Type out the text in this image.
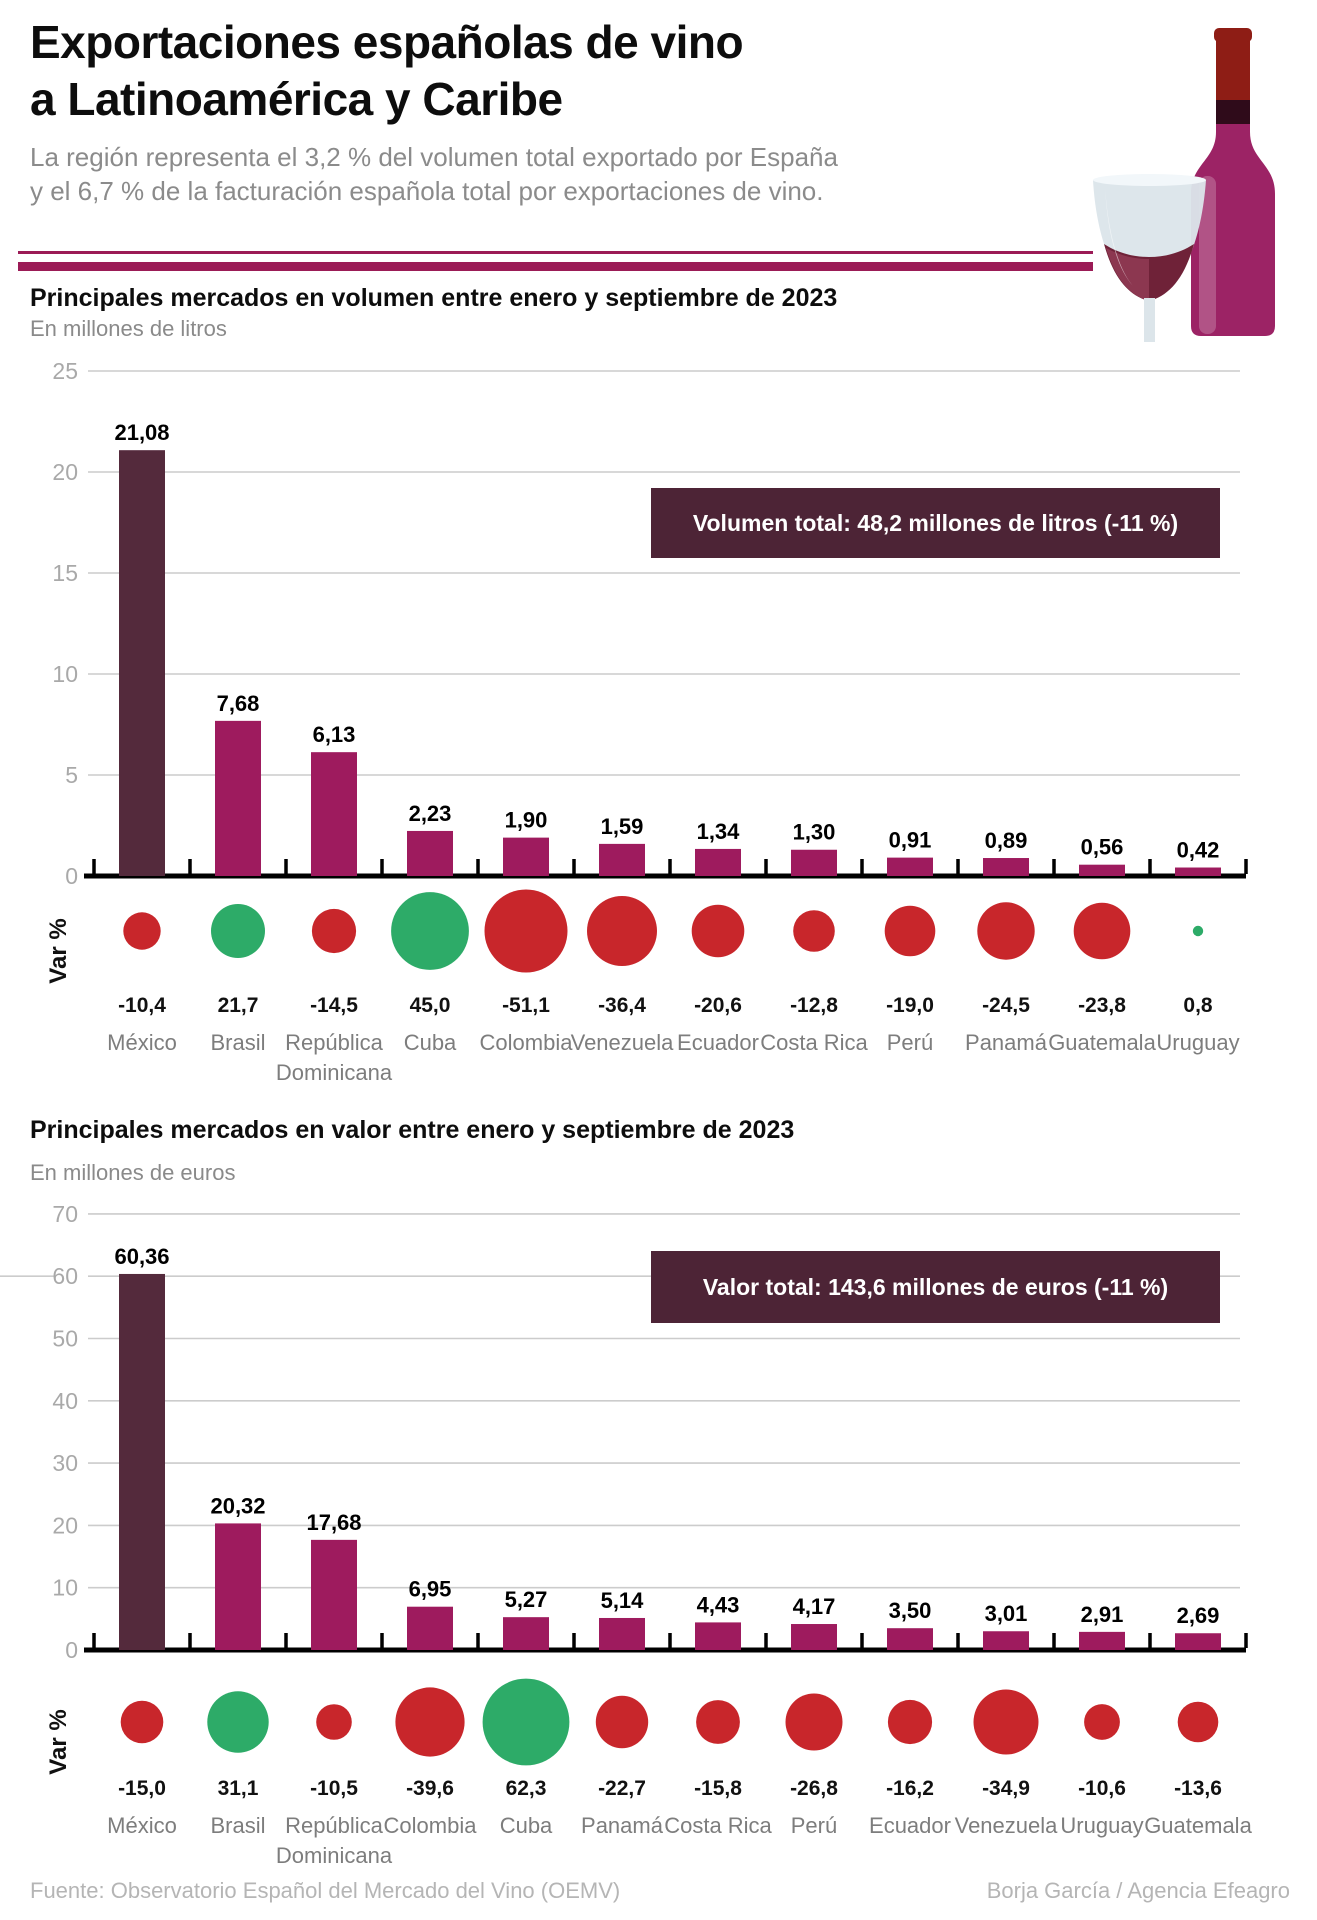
Exportaciones españolas de vino
a Latinoamérica y Caribe
La región representa el 3,2 % del volumen total exportado por España
y el 6,7 % de la facturación española total por exportaciones de vino.
Principales mercados en volumen entre enero y septiembre de 2023
En millones de litros
25
20
15
10
5
0
21,08
-10,4
México
7,68
21,7
Brasil
6,13
-14,5
República
Dominicana
2,23
45,0
Cuba
1,90
-51,1
Colombia
1,59
-36,4
Venezuela
1,34
-20,6
Ecuador
1,30
-12,8
Costa Rica
0,91
-19,0
Perú
0,89
-24,5
Panamá
0,56
-23,8
Guatemala
0,42
0,8
Uruguay
Volumen total: 48,2 millones de litros (-11 %)
Var %
Principales mercados en valor entre enero y septiembre de 2023
En millones de euros
70
60
50
40
30
20
10
0
60,36
-15,0
México
20,32
31,1
Brasil
17,68
-10,5
República
Dominicana
6,95
-39,6
Colombia
5,27
62,3
Cuba
5,14
-22,7
Panamá
4,43
-15,8
Costa Rica
4,17
-26,8
Perú
3,50
-16,2
Ecuador
3,01
-34,9
Venezuela
2,91
-10,6
Uruguay
2,69
-13,6
Guatemala
Valor total: 143,6 millones de euros (-11 %)
Var %
Fuente: Observatorio Español del Mercado del Vino (OEMV)	Borja García / Agencia Efeagro
